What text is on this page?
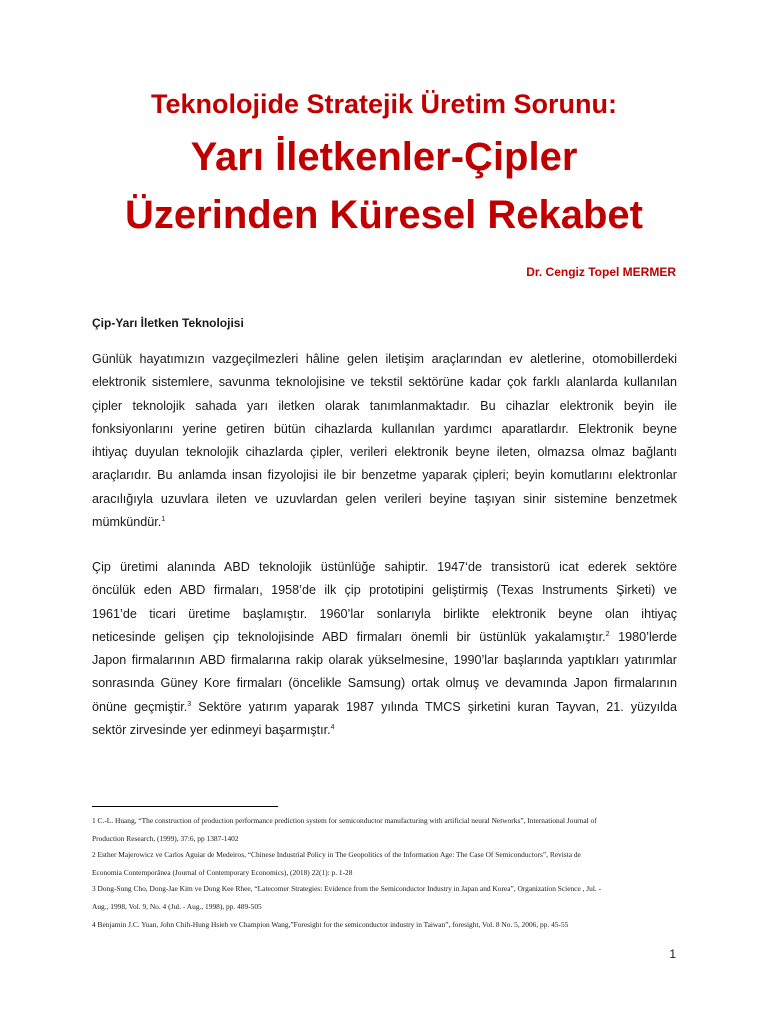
Teknolojide Stratejik Üretim Sorunu:

Yarı İletkenler-Çipler
Üzerinden Küresel Rekabet
Dr. Cengiz Topel MERMER
Çip-Yarı İletken Teknolojisi
Günlük hayatımızın vazgeçilmezleri hâline gelen iletişim araçlarından ev aletlerine, otomobillerdeki
elektronik sistemlere, savunma teknolojisine ve tekstil sektörüne kadar çok farklı alanlarda kullanılan
çipler teknolojik sahada yarı iletken olarak tanımlanmaktadır. Bu cihazlar elektronik beyin ile
fonksiyonlarını yerine getiren bütün cihazlarda kullanılan yardımcı aparatlardır. Elektronik beyne
ihtiyaç duyulan teknolojik cihazlarda çipler, verileri elektronik beyne ileten, olmazsa olmaz bağlantı
araçlarıdır. Bu anlamda insan fizyolojisi ile bir benzetme yaparak çipleri; beyin komutlarını elektronlar
aracılığıyla uzuvlara ileten ve uzuvlardan gelen verileri beyine taşıyan sinir sistemine benzetmek
mümkündür.$^1$
Çip üretimi alanında ABD teknolojik üstünlüğe sahiptir. 1947‘de transistorü icat ederek sektöre
öncülük eden ABD firmaları, 1958’de ilk çip prototipini geliştirmiş (Texas Instruments Şirketi) ve
1961’de ticari üretime başlamıştır. 1960’lar sonlarıyla birlikte elektronik beyne olan ihtiyaç
neticesinde gelişen çip teknolojisinde ABD firmaları önemli bir üstünlük yakalamıştır.$^2$ 1980’lerde
Japon firmalarının ABD firmalarına rakip olarak yükselmesine, 1990’lar başlarında yaptıkları yatırımlar
sonrasında Güney Kore firmaları (öncelikle Samsung) ortak olmuş ve devamında Japon firmalarının
önüne geçmiştir.$^3$ Sektöre yatırım yaparak 1987 yılında TMCS şirketini kuran Tayvan, 21. yüzyılda
sektör zirvesinde yer edinmeyi başarmıştır.$^4$
1 C.-L. Huang, “The construction of production performance prediction system for semiconductor manufacturing with artificial neural Networks”, International Journal of
Production Research, (1999), 37:6, pp 1387-1402
2 Esther Majerowicz ve Carlos Aguiar de Medeiros, “Chinese Industrial Policy in The Geopolitics of the Information Age: The Case Of Semiconductors”, Revista de
Economia Contemporânea (Journal of Contemporary Economics), (2018) 22(1): p. 1-28
3 Dong-Sung Cho, Dong-Jae Kim ve Dong Kee Rhee, “Latecomer Strategies: Evidence from the Semiconductor Industry in Japan and Korea”, Organization Science , Jul. -
Aug., 1998, Vol. 9, No. 4 (Jul. - Aug., 1998), pp. 489-505
4 Benjamin J.C. Yuan, John Chih-Hung Hsieh ve Champion Wang,”Foresight for the semiconductor industry in Taiwan”, foresight, Vol. 8 No. 5, 2006, pp. 45-55
1
